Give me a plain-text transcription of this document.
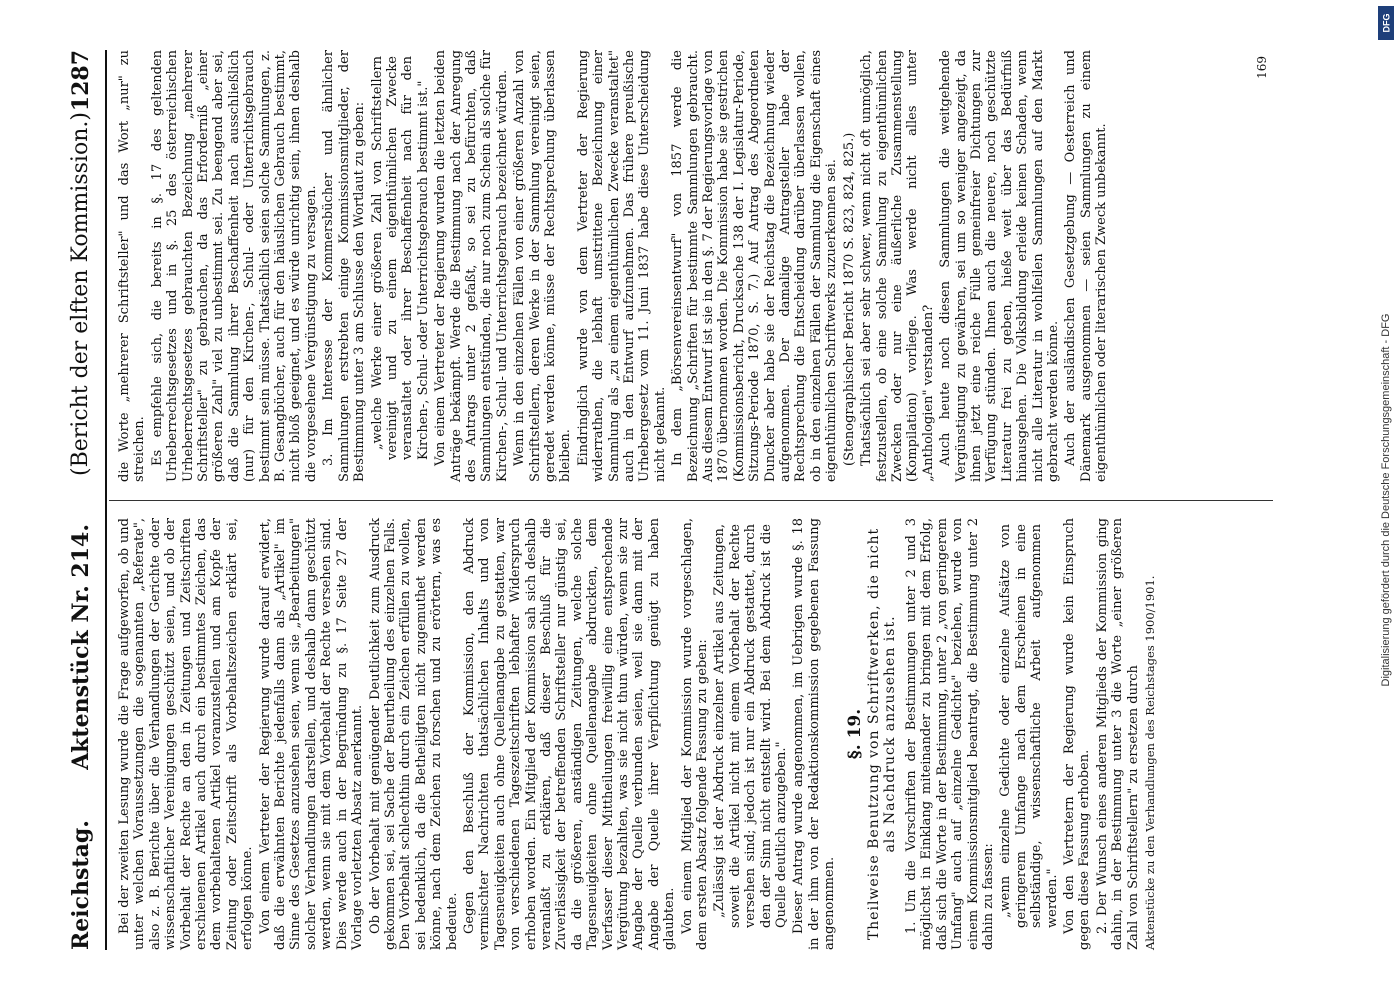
Reichstag.
Aktenstück Nr. 214.
(Bericht der elften Kommission.)
1287

Bei der zweiten Lesung wurde die Frage aufgeworfen, ob und unter welchen Voraussetzungen die sogenannten „Referate", also z. B. Berichte über die Verhandlungen der Gerichte oder wissenschaftlicher Vereinigungen geschützt seien, und ob der Vorbehalt der Rechte an den in Zeitungen und Zeitschriften erschienenen Artikel auch durch ein bestimmtes Zeichen, das dem vorbehaltenen Artikel voranzustellen und am Kopfe der Zeitung oder Zeitschrift als Vorbehaltszeichen erklärt sei, erfolgen könne. Von einem Vertreter der Regierung wurde darauf erwidert, daß die erwähnten Berichte jedenfalls dann als „Artikel" im Sinne des Gesetzes anzusehen seien, wenn sie „Bearbeitungen" solcher Verhandlungen darstellen, und deshalb dann geschützt werden, wenn sie mit dem Vorbehalt der Rechte versehen sind. Dies werde auch in der Begründung zu §. 17 Seite 27 der Vorlage vorletzten Absatz anerkannt. Ob der Vorbehalt mit genügender Deutlichkeit zum Ausdruck gekommen sei, sei Sache der Beurtheilung des einzelnen Falls. Den Vorbehalt schlechthin durch ein Zeichen erfüllen zu wollen, sei bedenklich, da die Betheiligten nicht zugemuthet werden könne, nach dem Zeichen zu forschen und zu erörtern, was es bedeute. Gegen den Beschluß der Kommission, den Abdruck vermischter Nachrichten thatsächlichen Inhalts und von Tagesneuigkeiten auch ohne Quellenangabe zu gestatten, war von verschiedenen Tageszeitschriften lebhafter Widerspruch erhoben worden. Ein Mitglied der Kommission sah sich deshalb veranlaßt zu erklären, daß dieser Beschluß für die Zuverlässigkeit der betreffenden Schriftsteller nur günstig sei, da die größeren, anständigen Zeitungen, welche solche Tagesneuigkeiten ohne Quellenangabe abdruckten, dem Verfasser dieser Mittheilungen freiwillig eine entsprechende Vergütung bezahlten, was sie nicht thun würden, wenn sie zur Angabe der Quelle verbunden seien, weil sie dann mit der Angabe der Quelle ihrer Verpflichtung genügt zu haben glaubten. Von einem Mitglied der Kommission wurde vorgeschlagen, dem ersten Absatz folgende Fassung zu geben: „Zulässig ist der Abdruck einzelner Artikel aus Zeitungen, soweit die Artikel nicht mit einem Vorbehalt der Rechte versehen sind; jedoch ist nur ein Abdruck gestattet, durch den der Sinn nicht entstellt wird. Bei dem Abdruck ist die Quelle deutlich anzugeben." Dieser Antrag wurde angenommen, im Uebrigen wurde §. 18 in der ihm von der Redaktionskommission gegebenen Fassung angenommen.

§. 19. Theilweise Benutzung von Schriftwerken, die nicht als Nachdruck anzusehen ist. 1. Um die Vorschriften der Bestimmungen unter 2 und 3 möglichst in Einklang miteinander zu bringen mit dem Erfolg, daß sich die Worte in der Bestimmung, unter 2 „von geringerem Umfang" auch auf „einzelne Gedichte" beziehen, wurde von einem Kommissionsmitglied beantragt, die Bestimmung unter 2 dahin zu fassen: „wenn einzelne Gedichte oder einzelne Aufsätze von geringerem Umfange nach dem Erscheinen in eine selbständige, wissenschaftliche Arbeit aufgenommen werden." Von den Vertretern der Regierung wurde kein Einspruch gegen diese Fassung erhoben. 2. Der Wunsch eines anderen Mitglieds der Kommission ging dahin, in der Bestimmung unter 3 die Worte „einer größeren Zahl von Schriftstellern" zu ersetzen durch Aktenstücke zu den Verhandlungen des Reichstages 1900/1901.

die Worte „mehrerer Schriftsteller" und das Wort „nur" zu streichen. Es empfehle sich, die bereits in §. 17 des geltenden Urheberrechtsgesetzes und in §. 25 des österreichischen Urheberrechtsgesetzes gebrauchten Bezeichnung „mehrerer Schriftsteller" zu gebrauchen, da das Erforderniß „einer größeren Zahl" viel zu unbestimmt sei. Zu beengend aber sei, daß die Sammlung ihrer Beschaffenheit nach ausschließlich (nur) für den Kirchen-, Schul- oder Unterrichtsgebrauch bestimmt sein müsse. Thatsächlich seien solche Sammlungen, z. B. Gesangbücher, auch für den häuslichen Gebrauch bestimmt, nicht bloß geeignet, und es würde unrichtig sein, ihnen deshalb die vorgesehene Vergünstigung zu versagen. 3. Im Interesse der Kommersbücher und ähnlicher Sammlungen erstrebten einige Kommissionsmitglieder, der Bestimmung unter 3 am Schlusse den Wortlaut zu geben: „welche Werke einer größeren Zahl von Schriftstellern vereinigt und zu einem eigenthümlichen Zwecke veranstaltet oder ihrer Beschaffenheit nach für den Kirchen-, Schul- oder Unterrichtsgebrauch bestimmt ist." Von einem Vertreter der Regierung wurden die letzten beiden Anträge bekämpft. Werde die Bestimmung nach der Anregung des Antrags unter 2 gefaßt, so sei zu befürchten, daß Sammlungen entstünden, die nur noch zum Schein als solche für Kirchen-, Schul- und Unterrichtsgebrauch bezeichnet würden. Wenn in den einzelnen Fällen von einer größeren Anzahl von Schriftstellern, deren Werke in der Sammlung vereinigt seien, geredet werden könne, müsse der Rechtsprechung überlassen bleiben. Eindringlich wurde von dem Vertreter der Regierung widerrathen, die lebhaft umstrittene Bezeichnung einer Sammlung als „zu einem eigenthümlichen Zwecke veranstaltet" auch in den Entwurf aufzunehmen. Das frühere preußische Urhebergesetz vom 11. Juni 1837 habe diese Unterscheidung nicht gekannt. In dem „Börsenvereinsentwurf" von 1857 werde die Bezeichnung „Schriften für bestimmte Sammlungen gebraucht. Aus diesem Entwurf ist sie in den §. 7 der Regierungsvorlage von 1870 übernommen worden. Die Kommission habe sie gestrichen (Kommissionsbericht, Drucksache 138 der I. Legislatur-Periode, Sitzungs-Periode 1870, S. 7.) Auf Antrag des Abgeordneten Duncker aber habe sie der Reichstag die Bezeichnung wieder aufgenommen. Der damalige Antragsteller habe der Rechtsprechung die Entscheidung darüber überlassen wollen, ob in den einzelnen Fällen der Sammlung die Eigenschaft eines eigenthümlichen Schriftwerks zuzuerkennen sei. (Stenographischer Bericht 1870 S. 823, 824, 825.) Thatsächlich sei aber sehr schwer, wenn nicht oft unmöglich, festzustellen, ob eine solche Sammlung zu eigenthümlichen Zwecken oder nur eine äußerliche Zusammenstellung (Kompilation) vorliege. Was werde nicht alles unter „Anthologien" verstanden? Auch heute noch diesen Sammlungen die weitgehende Vergünstigung zu gewähren, sei um so weniger angezeigt, da ihnen jetzt eine reiche Fülle gemeinfreier Dichtungen zur Verfügung stünden. Ihnen auch die neuere, noch geschützte Literatur frei zu geben, hieße weit über das Bedürfniß hinausgehen. Die Volksbildung erleide keinen Schaden, wenn nicht alle Literatur in wohlfeilen Sammlungen auf den Markt gebracht werden könne. Auch der ausländischen Gesetzgebung — Oesterreich und Dänemark ausgenommen — seien Sammlungen zu einem eigenthümlichen oder literarischen Zweck unbekannt.

169
DFG
Digitalisierung gefördert durch die Deutsche Forschungsgemeinschaft - DFG
